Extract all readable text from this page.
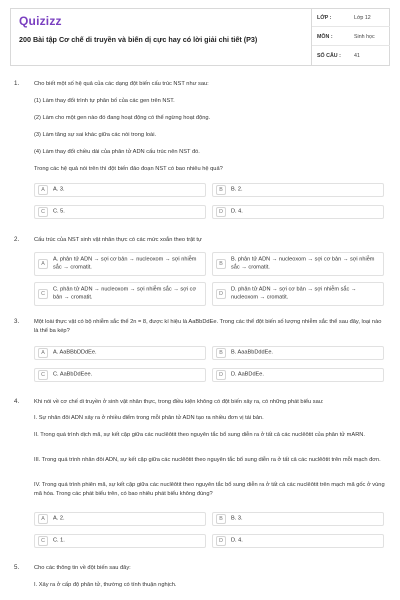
Quizizz
200 Bài tập Cơ chế di truyền và biến dị cực hay có lời giải chi tiết (P3)
LỚP :	Lớp 12
MÔN :	Sinh học
SỐ CÂU : 41
1.	Cho biết một số hệ quả của các dạng đột biến cấu trúc NST như sau:
(1) Làm thay đổi trình tự phân bố của các gen trên NST.
(2) Làm cho một gen nào đó đang hoạt động có thể ngừng hoạt động.
(3) Làm tăng sự sai khác giữa các nòi trong loài.
(4) Làm thay đổi chiều dài của phân tử ADN cấu trúc nên NST đó.
Trong các hệ quả nói trên thì đột biến đảo đoạn NST có bao nhiêu hệ quả?
A	A. 3.	B	B. 2.
C	C. 5.	D	D. 4.
2.	Cấu trúc của NST sinh vật nhân thực có các mức xoắn theo trật tự
A
A. phân tử ADN → sợi cơ bản → nucleoxom → sợi nhiễm sắc → cromatit.	B
B. phân tử ADN → nucleoxom → sợi cơ bản → sợi nhiễm sắc → cromatit.
C
C. phân tử ADN → nucleoxom → sợi nhiễm sắc → sợi cơ bản → cromatit.	D
D. phân tử ADN → sợi cơ bản → sợi nhiễm sắc → nucleoxom → cromatit.
3.	Một loài thực vật có bộ nhiễm sắc thể 2n = 8, được kí hiệu là AaBbDdEe. Trong các thể đột biến số lượng nhiễm sắc thể sau đây, loại nào là thể ba kép?
A	A. AaBBbDDdEe.	B	B. AaaBbDddEe.
C	C. AaBbDdEee.	D	D. AaBDdEe.
4.	Khi nói về cơ chế di truyền ở sinh vật nhân thực, trong điều kiện không có đột biến xảy ra, có những phát biểu sau:
I. Sự nhân đôi ADN xảy ra ở nhiều điểm trong mỗi phân tử ADN tạo ra nhiều đơn vị tái bản.
II. Trong quá trình dịch mã, sự kết cặp giữa các nuclêôtit theo nguyên tắc bổ sung diễn ra ở tất cả các nuclêôtit của phân tử mARN.
III. Trong quá trình nhân đôi ADN, sự kết cặp giữa các nuclêôtit theo nguyên tắc bổ sung diễn ra ở tất cả các nuclêôtit trên mỗi mạch đơn.
IV. Trong quá trình phiên mã, sự kết cặp giữa các nuclêôtit theo nguyên tắc bổ sung diễn ra ở tất cả các nuclêôtit trên mạch mã gốc ở vùng mã hóa. Trong các phát biểu trên, có bao nhiêu phát biểu không đúng?
A	A. 2.	B	B. 3.
C	C. 1.	D	D. 4.
5.	Cho các thông tin về đột biến sau đây:
I. Xảy ra ở cấp độ phân tử, thường có tính thuận nghịch.
